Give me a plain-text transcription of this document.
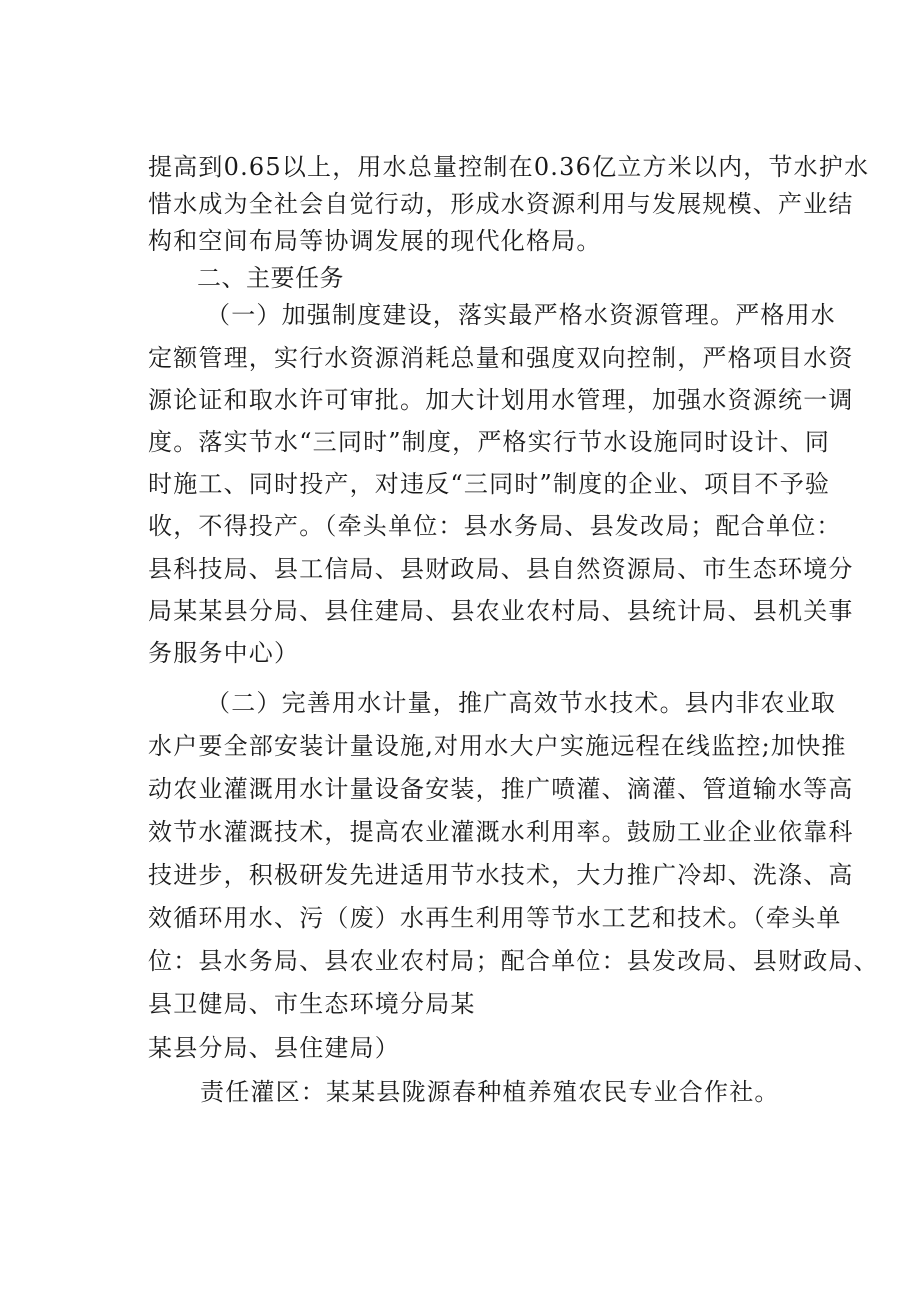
提高到0.65以上，用水总量控制在0.36亿立方米以内，节水护水
惜水成为全社会自觉行动，形成水资源利用与发展规模、产业结
构和空间布局等协调发展的现代化格局。
二、主要任务
（一）加强制度建设，落实最严格水资源管理。严格用水
定额管理，实行水资源消耗总量和强度双向控制，严格项目水资
源论证和取水许可审批。加大计划用水管理，加强水资源统一调
度。落实节水“三同时”制度，严格实行节水设施同时设计、同
时施工、同时投产，对违反“三同时”制度的企业、项目不予验
收，不得投产。（牵头单位：县水务局、县发改局；配合单位：
县科技局、县工信局、县财政局、县自然资源局、市生态环境分
局某某县分局、县住建局、县农业农村局、县统计局、县机关事
务服务中心）
（二）完善用水计量，推广高效节水技术。县内非农业取
水户要全部安装计量设施,对用水大户实施远程在线监控;加快推
动农业灌溉用水计量设备安装，推广喷灌、滴灌、管道输水等高
效节水灌溉技术，提高农业灌溉水利用率。鼓励工业企业依靠科
技进步，积极研发先进适用节水技术，大力推广冷却、洗涤、高
效循环用水、污（废）水再生利用等节水工艺和技术。（牵头单
位：县水务局、县农业农村局；配合单位：县发改局、县财政局、
县卫健局、市生态环境分局某
某县分局、县住建局）
责任灌区：某某县陇源春种植养殖农民专业合作社。
